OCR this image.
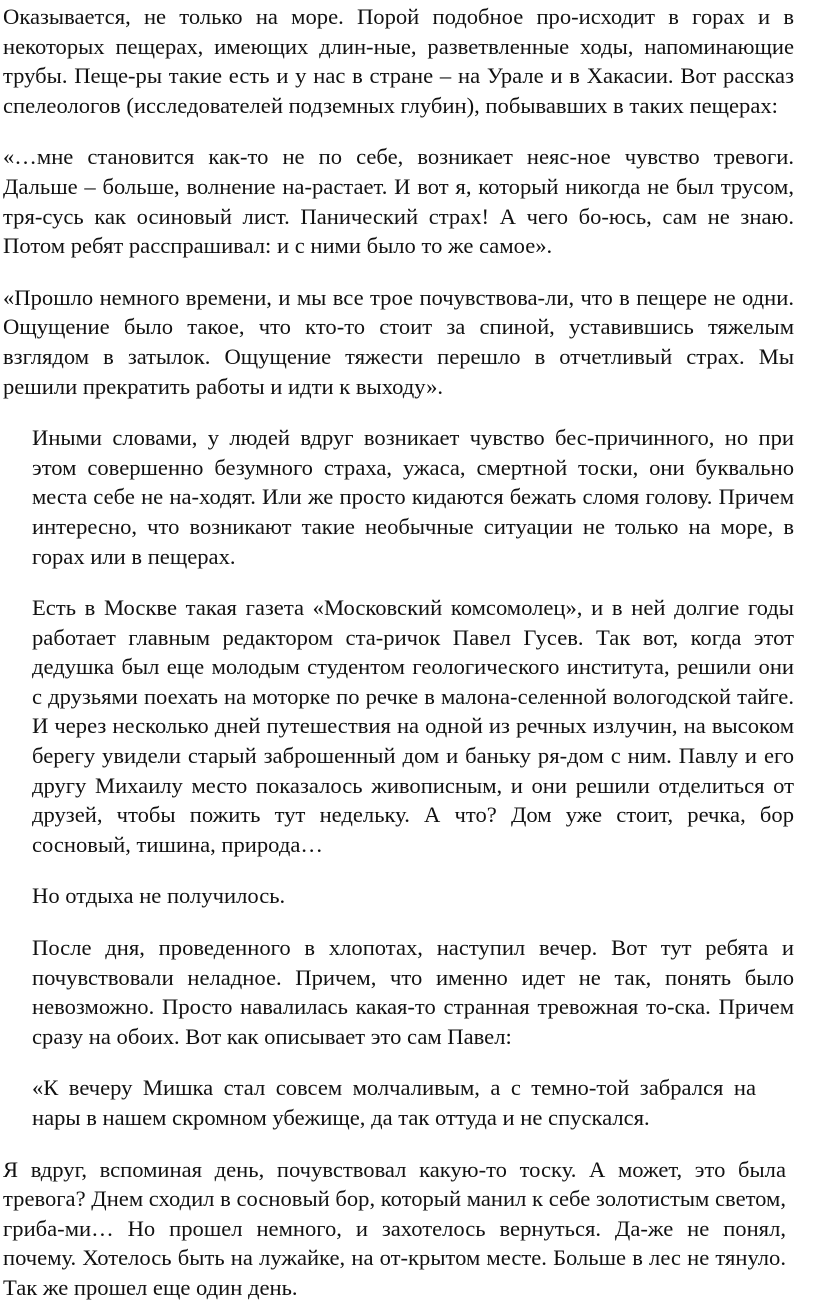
Оказывается, не только на море. Порой подобное про-исходит в горах и в некоторых пещерах, имеющих длин-ные, разветвленные ходы, напоминающие трубы. Пеще-ры такие есть и у нас в стране – на Урале и в Хакасии. Вот рассказ спелеологов (исследователей подземных глубин), побывавших в таких пещерах:

«…мне становится как-то не по себе, возникает неяс-ное чувство тревоги. Дальше – больше, волнение на-растает. И вот я, который никогда не был трусом, тря-сусь как осиновый лист. Панический страх! А чего бо-юсь, сам не знаю. Потом ребят расспрашивал: и с ними было то же самое».

«Прошло немного времени, и мы все трое почувствова-ли, что в пещере не одни. Ощущение было такое, что кто-то стоит за спиной, уставившись тяжелым взглядом в затылок. Ощущение тяжести перешло в отчетливый страх. Мы решили прекратить работы и идти к выходу».

Иными словами, у людей вдруг возникает чувство бес-причинного, но при этом совершенно безумного страха, ужаса, смертной тоски, они буквально места себе не на-ходят. Или же просто кидаются бежать сломя голову. Причем интересно, что возникают такие необычные ситуации не только на море, в горах или в пещерах.

Есть в Москве такая газета «Московский комсомолец», и в ней долгие годы работает главным редактором ста-ричок Павел Гусев. Так вот, когда этот дедушка был еще молодым студентом геологического института, решили они с друзьями поехать на моторке по речке в малона-селенной вологодской тайге. И через несколько дней путешествия на одной из речных излучин, на высоком берегу увидели старый заброшенный дом и баньку ря-дом с ним. Павлу и его другу Михаилу место показалось живописным, и они решили отделиться от друзей, чтобы пожить тут недельку. А что? Дом уже стоит, речка, бор сосновый, тишина, природа…

Но отдыха не получилось.

После дня, проведенного в хлопотах, наступил вечер. Вот тут ребята и почувствовали неладное. Причем, что именно идет не так, понять было невозможно. Просто навалилась какая-то странная тревожная то-ска. Причем сразу на обоих. Вот как описывает это сам Павел:

«К вечеру Мишка стал совсем молчаливым, а с темно-той забрался на нары в нашем скромном убежище, да так оттуда и не спускался.

Я вдруг, вспоминая день, почувствовал какую-то тоску. А может, это была тревога? Днем сходил в сосновый бор, который манил к себе золотистым светом, гриба-ми… Но прошел немного, и захотелось вернуться. Да-же не понял, почему. Хотелось быть на лужайке, на от-крытом месте. Больше в лес не тянуло. Так же прошел еще один день.
